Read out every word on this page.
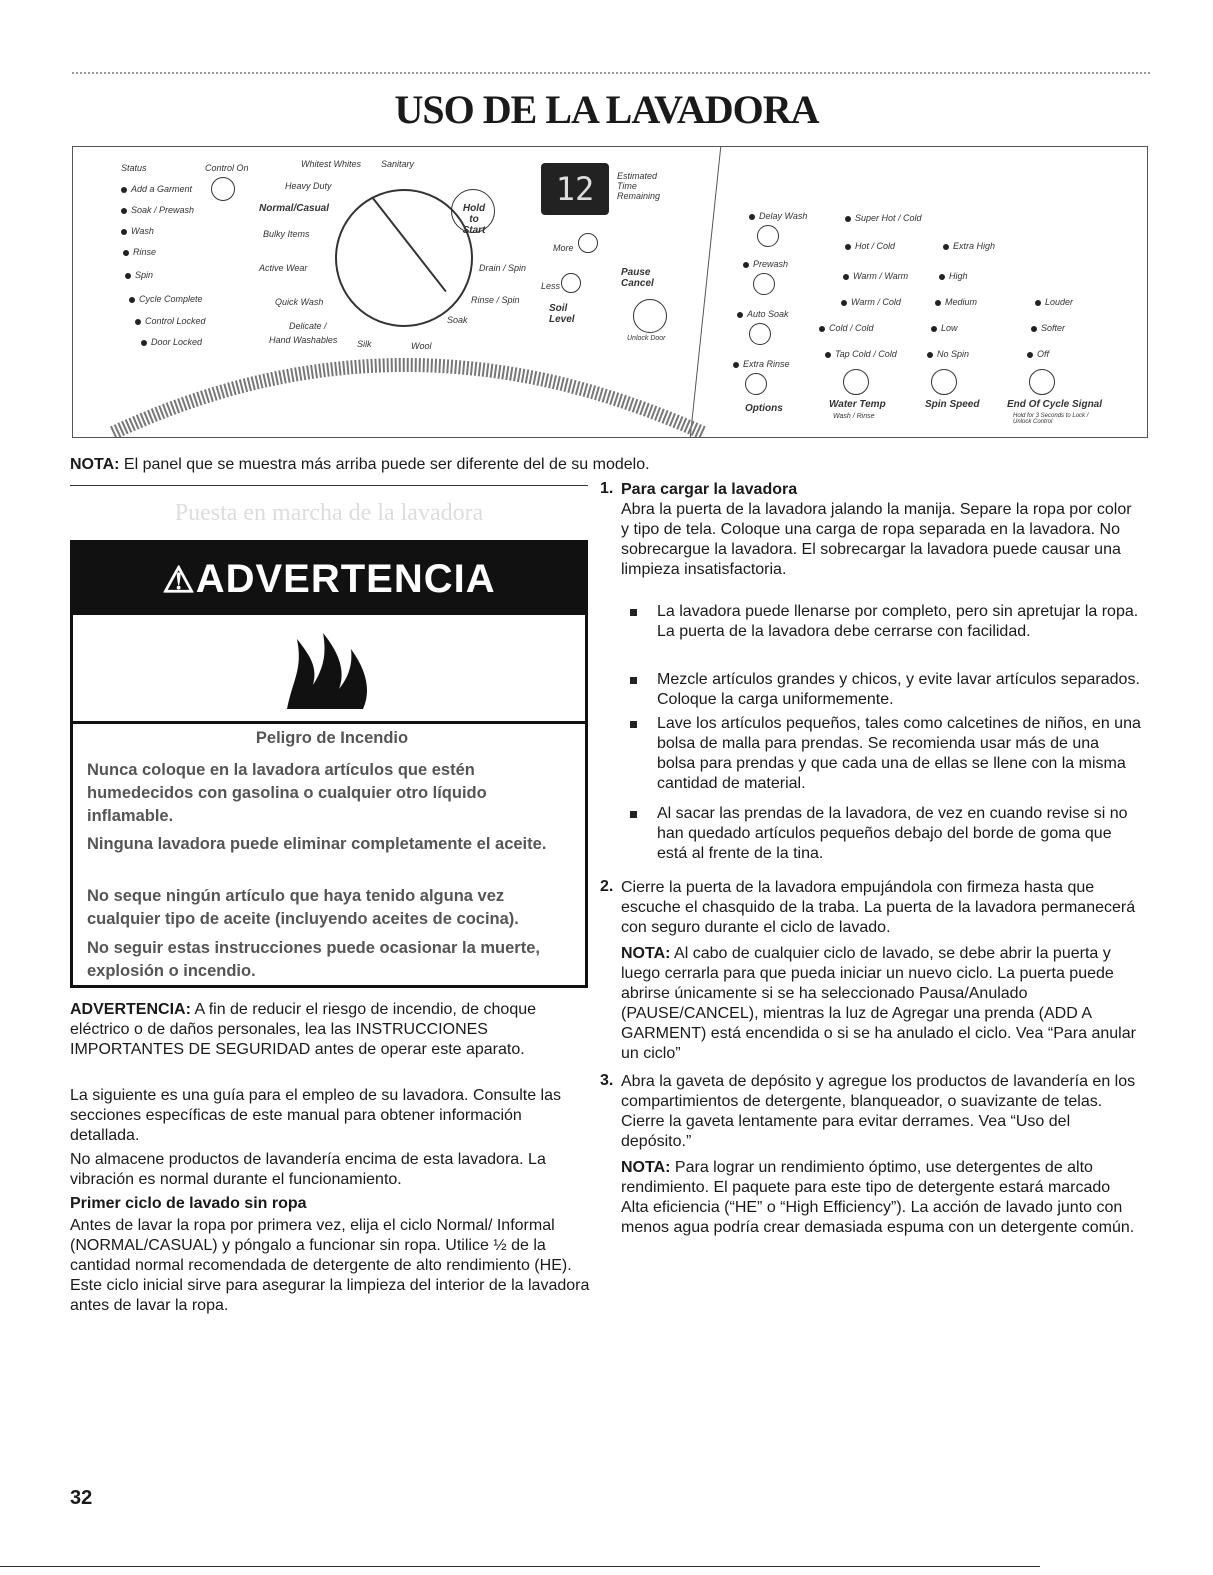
USO DE LA LAVADORA
Status
Add a Garment
Soak / Prewash
Wash
Rinse
Spin
Cycle Complete
Control Locked
Door Locked
Control On	Whitest Whites Sanitary
Heavy Duty
Normal/Casual
Bulky Items
Active Wear
Quick Wash
Delicate /
Hand Washables Silk	Wool
Drain / Spin
Rinse / Spin
Soak
Hold to Start
12	Estimated Time Remaining
More
Less
Soil Level
Pause Cancel
Unlock Door
Delay Wash
Prewash
Auto Soak
Extra Rinse
Options
Super Hot / Cold
Hot / Cold
Warm / Warm
Warm / Cold
Cold / Cold
Tap Cold / Cold
Water Temp
Wash / Rinse
Extra High
High
Medium
Low
No Spin
Spin Speed
Louder
Softer
Off
End Of Cycle Signal
Hold for 3 Seconds to Lock / Unlock Control
NOTA: El panel que se muestra más arriba puede ser diferente del de su modelo.
Puesta en marcha de la lavadora
⚠ADVERTENCIA
Peligro de Incendio
Nunca coloque en la lavadora artículos que estén humedecidos con gasolina o cualquier otro líquido inflamable.
Ninguna lavadora puede eliminar completamente el aceite.
No seque ningún artículo que haya tenido alguna vez cualquier tipo de aceite (incluyendo aceites de cocina).
No seguir estas instrucciones puede ocasionar la muerte, explosión o incendio.
ADVERTENCIA: A fin de reducir el riesgo de incendio, de choque eléctrico o de daños personales, lea las INSTRUCCIONES IMPORTANTES DE SEGURIDAD antes de operar este aparato.
La siguiente es una guía para el empleo de su lavadora. Consulte las secciones específicas de este manual para obtener información detallada.
No almacene productos de lavandería encima de esta lavadora. La vibración es normal durante el funcionamiento.
Primer ciclo de lavado sin ropa
Antes de lavar la ropa por primera vez, elija el ciclo Normal/ Informal (NORMAL/CASUAL) y póngalo a funcionar sin ropa. Utilice ½ de la cantidad normal recomendada de detergente de alto rendimiento (HE). Este ciclo inicial sirve para asegurar la limpieza del interior de la lavadora antes de lavar la ropa.
1. Para cargar la lavadora
Abra la puerta de la lavadora jalando la manija. Separe la ropa por color y tipo de tela. Coloque una carga de ropa separada en la lavadora. No sobrecargue la lavadora. El sobrecargar la lavadora puede causar una limpieza insatisfactoria.
La lavadora puede llenarse por completo, pero sin apretujar la ropa. La puerta de la lavadora debe cerrarse con facilidad.
Mezcle artículos grandes y chicos, y evite lavar artículos separados. Coloque la carga uniformemente.
Lave los artículos pequeños, tales como calcetines de niños, en una bolsa de malla para prendas. Se recomienda usar más de una bolsa para prendas y que cada una de ellas se llene con la misma cantidad de material.
Al sacar las prendas de la lavadora, de vez en cuando revise si no han quedado artículos pequeños debajo del borde de goma que está al frente de la tina.
2. Cierre la puerta de la lavadora empujándola con firmeza hasta que escuche el chasquido de la traba. La puerta de la lavadora permanecerá con seguro durante el ciclo de lavado.
NOTA: Al cabo de cualquier ciclo de lavado, se debe abrir la puerta y luego cerrarla para que pueda iniciar un nuevo ciclo. La puerta puede abrirse únicamente si se ha seleccionado Pausa/Anulado (PAUSE/CANCEL), mientras la luz de Agregar una prenda (ADD A GARMENT) está encendida o si se ha anulado el ciclo. Vea “Para anular un ciclo”
3. Abra la gaveta de depósito y agregue los productos de lavandería en los compartimientos de detergente, blanqueador, o suavizante de telas. Cierre la gaveta lentamente para evitar derrames. Vea “Uso del depósito.”
NOTA: Para lograr un rendimiento óptimo, use detergentes de alto rendimiento. El paquete para este tipo de detergente estará marcado Alta eficiencia (“HE” o “High Efficiency”). La acción de lavado junto con menos agua podría crear demasiada espuma con un detergente común.
32
